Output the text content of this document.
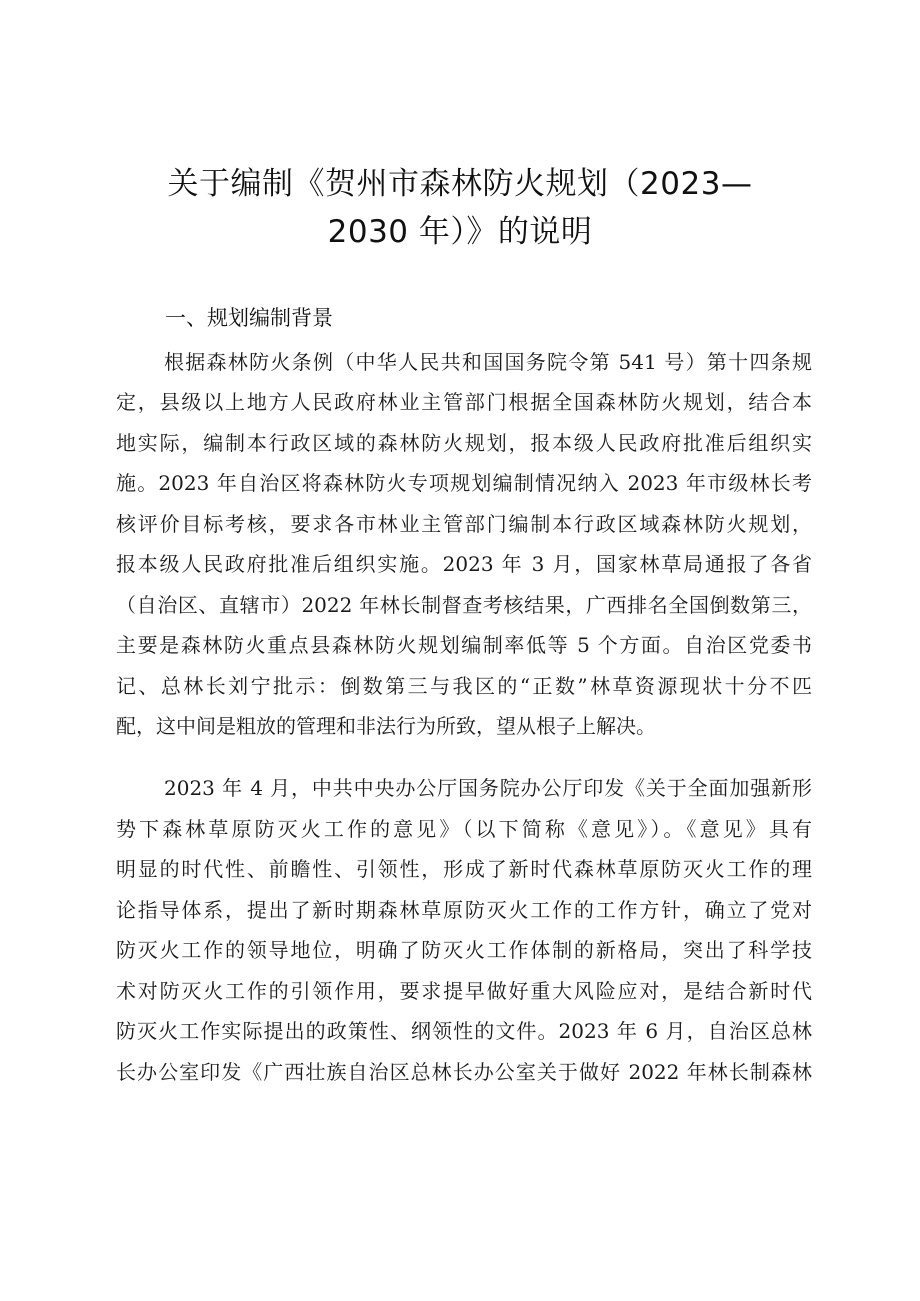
关于编制《贺州市森林防火规划（2023—
2030 年）》的说明
一、规划编制背景
根据森林防火条例（中华人民共和国国务院令第 541 号）第十四条规
定，县级以上地方人民政府林业主管部门根据全国森林防火规划，结合本
地实际，编制本行政区域的森林防火规划，报本级人民政府批准后组织实
施。2023 年自治区将森林防火专项规划编制情况纳入 2023 年市级林长考
核评价目标考核，要求各市林业主管部门编制本行政区域森林防火规划，
报本级人民政府批准后组织实施。2023 年 3 月，国家林草局通报了各省
（自治区、直辖市）2022 年林长制督查考核结果，广西排名全国倒数第三，
主要是森林防火重点县森林防火规划编制率低等 5 个方面。自治区党委书
记、总林长刘宁批示：倒数第三与我区的“正数”林草资源现状十分不匹
配，这中间是粗放的管理和非法行为所致，望从根子上解决。
2023 年 4 月，中共中央办公厅国务院办公厅印发《关于全面加强新形
势下森林草原防灭火工作的意见》（以下简称《意见》）。《意见》具有
明显的时代性、前瞻性、引领性，形成了新时代森林草原防灭火工作的理
论指导体系，提出了新时期森林草原防灭火工作的工作方针，确立了党对
防灭火工作的领导地位，明确了防灭火工作体制的新格局，突出了科学技
术对防灭火工作的引领作用，要求提早做好重大风险应对，是结合新时代
防灭火工作实际提出的政策性、纲领性的文件。2023 年 6 月，自治区总林
长办公室印发《广西壮族自治区总林长办公室关于做好 2022 年林长制森林
